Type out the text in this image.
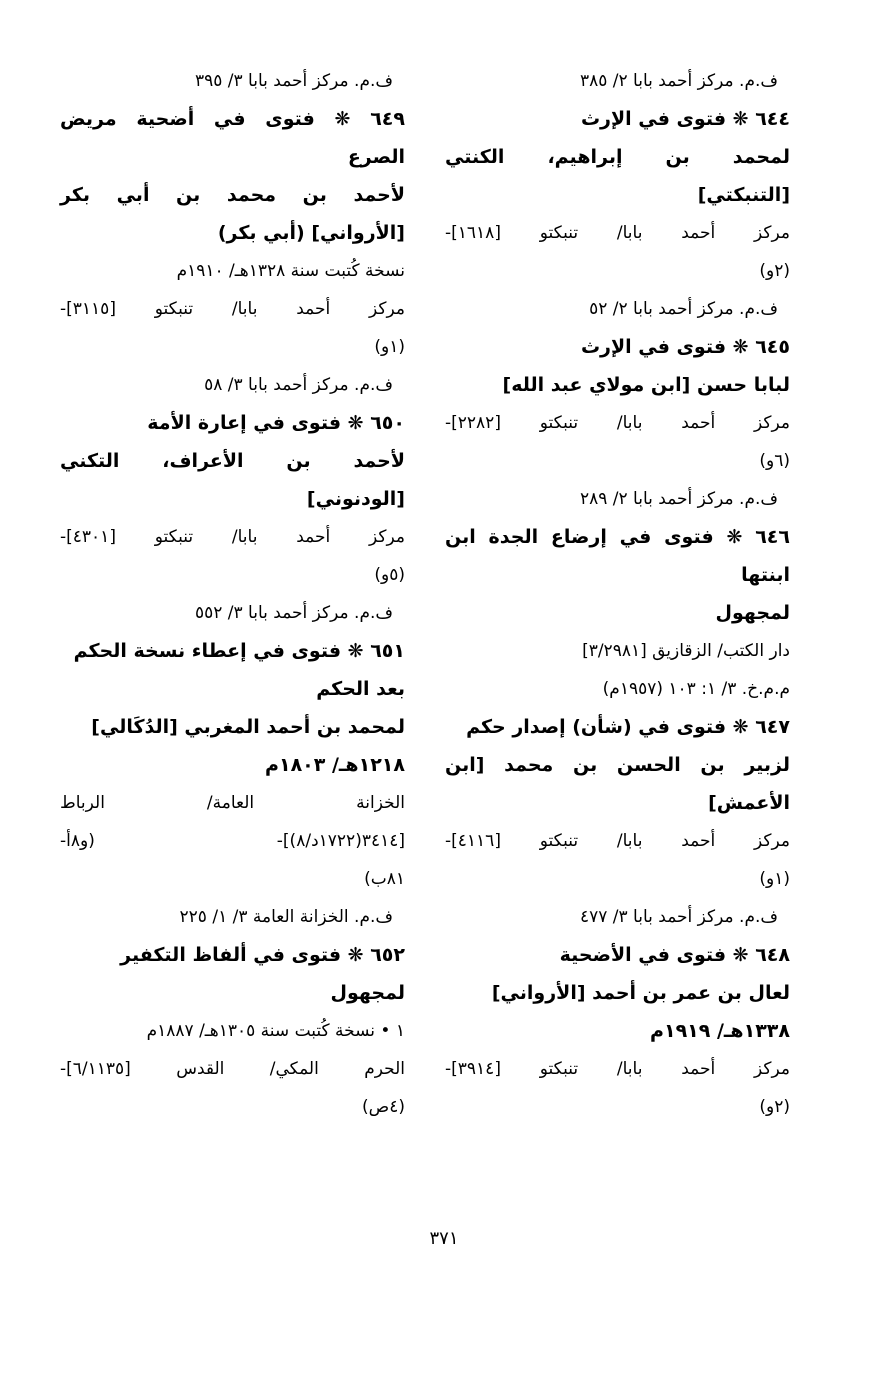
ف.م. مركز أحمد بابا ٢/ ٣٨٥
٦٤٤ ❋ فتوى في الإرث
لمحمد بن إبراهيم، الكنتي
[التنبكتي]
مركز أحمد بابا/ تنبكتو [١٦١٨]-
(٢و)
ف.م. مركز أحمد بابا ٢/ ٥٢
٦٤٥ ❋ فتوى في الإرث
لبابا حسن [ابن مولاي عبد الله]
مركز أحمد بابا/ تنبكتو [٢٢٨٢]-
(٦و)
ف.م. مركز أحمد بابا ٢/ ٢٨٩
٦٤٦ ❋ فتوى في إرضاع الجدة ابن
ابنتها
لمجهول
دار الكتب/ الزقازيق [٣/٢٩٨١]
م.م.خ. ٣/ ١: ١٠٣ (١٩٥٧م)
٦٤٧ ❋ فتوى في (شأن) إصدار حكم
لزبير بن الحسن بن محمد [ابن
الأعمش]
مركز أحمد بابا/ تنبكتو [٤١١٦]-
(١و)
ف.م. مركز أحمد بابا ٣/ ٤٧٧
٦٤٨ ❋ فتوى في الأضحية
لعال بن عمر بن أحمد [الأرواني]
١٣٣٨هـ/ ١٩١٩م
مركز أحمد بابا/ تنبكتو [٣٩١٤]-
(٢و)
ف.م. مركز أحمد بابا ٣/ ٣٩٥
٦٤٩ ❋ فتوى في أضحية مريض
الصرع
لأحمد بن محمد بن أبي بكر
[الأرواني] (أبي بكر)
نسخة كُتبت سنة ١٣٢٨هـ/ ١٩١٠م
مركز أحمد بابا/ تنبكتو [٣١١٥]-
(١و)
ف.م. مركز أحمد بابا ٣/ ٥٨
٦٥٠ ❋ فتوى في إعارة الأمة
لأحمد بن الأعراف، التكني
[الودنوني]
مركز أحمد بابا/ تنبكتو [٤٣٠١]-
(٥و)
ف.م. مركز أحمد بابا ٣/ ٥٥٢
٦٥١ ❋ فتوى في إعطاء نسخة الحكم
بعد الحكم
لمحمد بن أحمد المغربي [الدُكَالي]
١٢١٨هـ/ ١٨٠٣م
الخزانة العامة/ الرباط
[٣٤١٤(١٧٢٢د/٨)]- (و٨أ-
٨١ب)
ف.م. الخزانة العامة ٣/ ١/ ٢٢٥
٦٥٢ ❋ فتوى في ألفاظ التكفير
لمجهول
١ • نسخة كُتبت سنة ١٣٠٥هـ/ ١٨٨٧م
الحرم المكي/ القدس [٦/١١٣٥]-
(٤ص)
٣٧١
